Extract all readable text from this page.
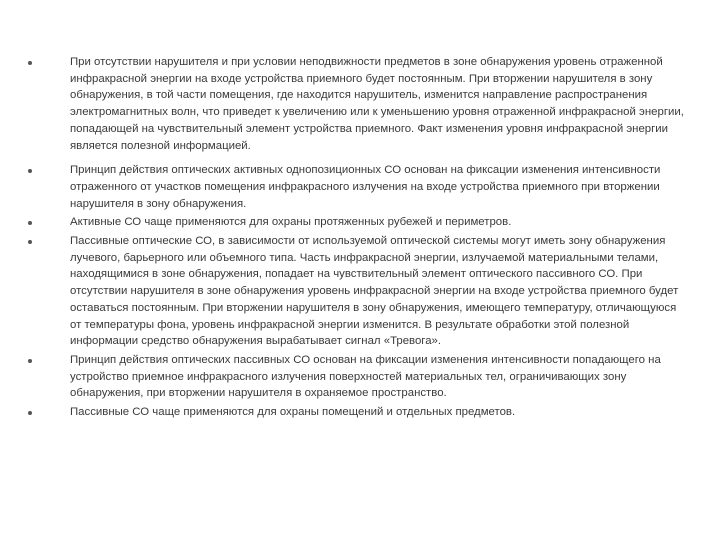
При отсутствии нарушителя и при условии неподвижности предметов в зоне обнаружения уровень отраженной инфракрасной энергии на входе устройства приемного будет постоянным. При вторжении нарушителя в зону обнаружения, в той части помещения, где находится нарушитель, изменится направление распространения электромагнитных волн, что приведет к увеличению или к уменьшению уровня отраженной инфракрасной энергии, попадающей на чувствительный элемент устройства приемного. Факт изменения уровня инфракрасной энергии является полезной информацией.
Принцип действия оптических активных однопозиционных СО основан на фиксации изменения интенсивности отраженного от участков помещения инфракрасного излучения на входе устройства приемного при вторжении нарушителя в зону обнаружения.
Активные СО чаще применяются для охраны протяженных рубежей и периметров.
Пассивные оптические СО, в зависимости от используемой оптической системы могут иметь зону обнаружения лучевого, барьерного или объемного типа. Часть инфракрасной энергии, излучаемой материальными телами, находящимися в зоне обнаружения, попадает на чувствительный элемент оптического пассивного СО. При отсутствии нарушителя в зоне обнаружения уровень инфракрасной энергии на входе устройства приемного будет оставаться постоянным. При вторжении нарушителя в зону обнаружения, имеющего температуру, отличающуюся от температуры фона, уровень инфракрасной энергии изменится. В результате обработки этой полезной информации средство обнаружения вырабатывает сигнал «Тревога».
Принцип действия оптических пассивных СО основан на фиксации изменения интенсивности попадающего на устройство приемное инфракрасного излучения поверхностей материальных тел, ограничивающих зону обнаружения, при вторжении нарушителя в охраняемое пространство.
Пассивные СО чаще применяются для охраны помещений и отдельных предметов.
